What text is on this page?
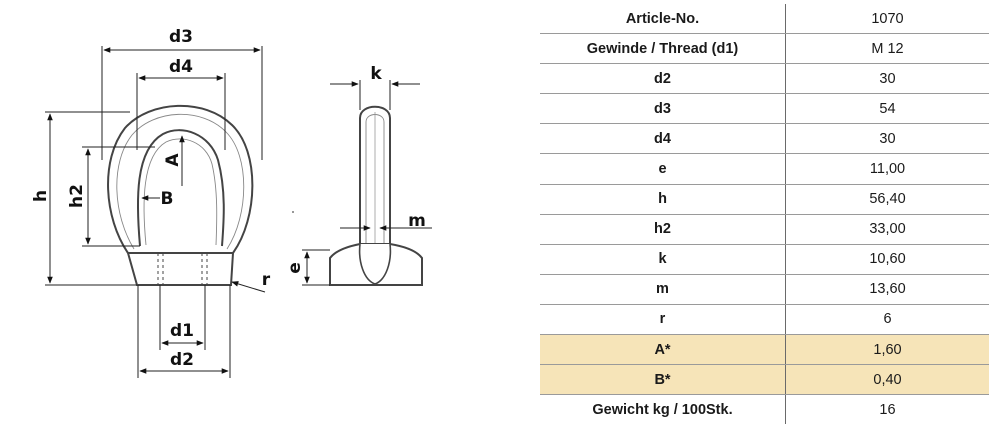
d3
d4
h h2
A
B
d1
d2
r
k
m
e
Article-No.	1070
Gewinde / Thread (d1)	M 12
d2	30
d3	54
d4	30
e	11,00
h	56,40
h2	33,00
k	10,60
m	13,60
r	6
A*	1,60
B*	0,40
Gewicht kg / 100Stk.	16
